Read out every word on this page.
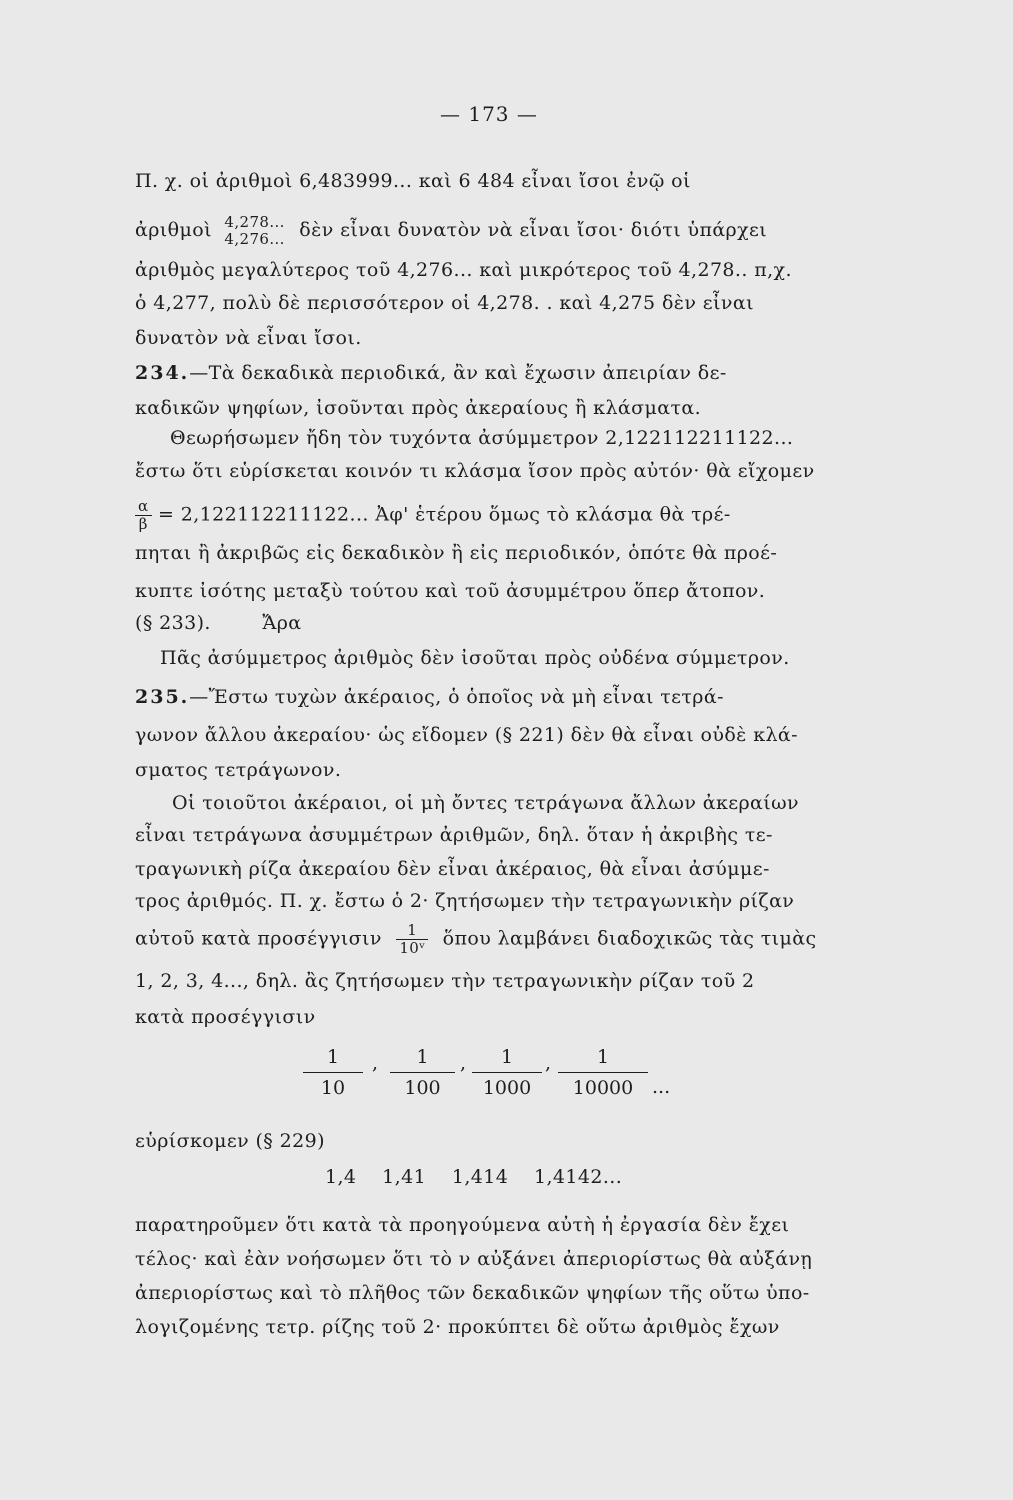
— 173 —
Π. χ. οἱ ἀριθμοὶ 6,483999... καὶ 6 484 εἶναι ἴσοι ἐνῷ οἱ
ἀριθμοὶ 4,278...
4,276... δὲν εἶναι δυνατὸν νὰ εἶναι ἴσοι· διότι ὑπάρχει
ἀριθμὸς μεγαλύτερος τοῦ 4,276... καὶ μικρότερος τοῦ 4,278.. π,χ.
ὁ 4,277, πολὺ δὲ περισσότερον οἱ 4,278. . καὶ 4,275 δὲν εἶναι
δυνατὸν νὰ εἶναι ἴσοι.
234.—Τὰ δεκαδικὰ περιοδικά, ἂν καὶ ἔχωσιν ἀπειρίαν δε-
καδικῶν ψηφίων, ἰσοῦνται πρὸς ἀκεραίους ἢ κλάσματα.
Θεωρήσωμεν ἤδη τὸν τυχόντα ἀσύμμετρον 2,122112211122...
ἔστω ὅτι εὑρίσκεται κοινόν τι κλάσμα ἴσον πρὸς αὐτόν· θὰ εἴχομεν
$\frac{\alpha}{\beta} = 2,122112211122$... Ἀφ' ἑτέρου ὅμως τὸ κλάσμα θὰ τρέ-
πηται ἢ ἀκριβῶς εἰς δεκαδικὸν ἢ εἰς περιοδικόν, ὁπότε θὰ προέ-
κυπτε ἰσότης μεταξὺ τούτου καὶ τοῦ ἀσυμμέτρου ὅπερ ἄτοπον.
(§ 233).        Ἄρα
Πᾶς ἀσύμμετρος ἀριθμὸς δὲν ἰσοῦται πρὸς οὐδένα σύμμετρον.
235.—Ἔστω τυχὼν ἀκέραιος, ὁ ὁποῖος νὰ μὴ εἶναι τετρά-
γωνον ἄλλου ἀκεραίου· ὡς εἴδομεν (§ 221) δὲν θὰ εἶναι οὐδὲ κλά-
σματος τετράγωνον.
Οἱ τοιοῦτοι ἀκέραιοι, οἱ μὴ ὄντες τετράγωνα ἄλλων ἀκεραίων
εἶναι τετράγωνα ἀσυμμέτρων ἀριθμῶν, δηλ. ὅταν ἡ ἀκριβὴς τε-
τραγωνικὴ ρίζα ἀκεραίου δὲν εἶναι ἀκέραιος, θὰ εἶναι ἀσύμμε-
τρος ἀριθμός. Π. χ. ἔστω ὁ 2· ζητήσωμεν τὴν τετραγωνικὴν ρίζαν
αὐτοῦ κατὰ προσέγγισιν $\frac{1}{\text{10ᵛ}}$ ὅπου λαμβάνει διαδοχικῶς τὰς τιμὰς
1, 2, 3, 4..., δηλ. ἂς ζητήσωμεν τὴν τετραγωνικὴν ρίζαν τοῦ 2
κατὰ προσέγγισιν
$\frac{1}{10}$ , $\frac{1}{100}$ , $\frac{1}{1000}$ , $\frac{1}{10000}$ ...
εὑρίσκομεν (§ 229)
1,4    1,41    1,414    1,4142...
παρατηροῦμεν ὅτι κατὰ τὰ προηγούμενα αὐτὴ ἡ ἐργασία δὲν ἔχει
τέλος· καὶ ἐὰν νοήσωμεν ὅτι τὸ ν αὐξάνει ἀπεριορίστως θὰ αὐξάνῃ
ἀπεριορίστως καὶ τὸ πλῆθος τῶν δεκαδικῶν ψηφίων τῆς οὕτω ὑπο-
λογιζομένης τετρ. ρίζης τοῦ 2· προκύπτει δὲ οὕτω ἀριθμὸς ἔχων
